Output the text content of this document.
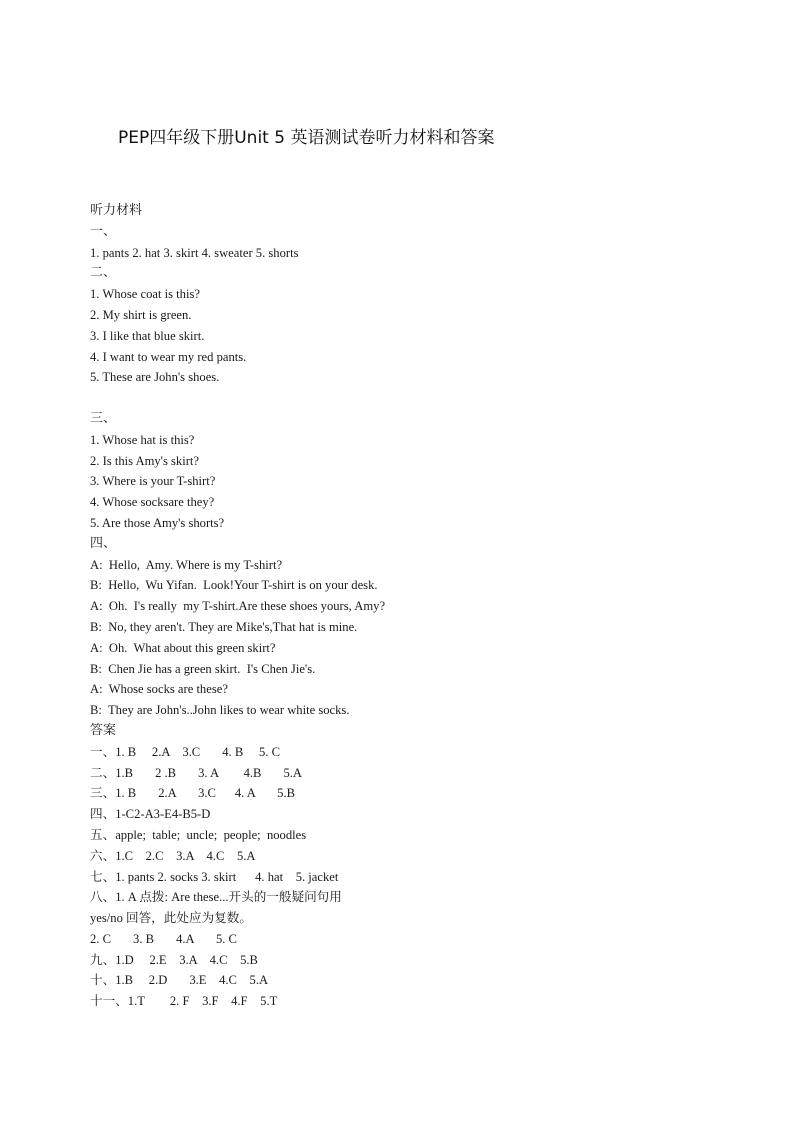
PEP四年级下册Unit 5 英语测试卷听力材料和答案
听力材料
一、
1. pants 2. hat 3. skirt 4. sweater 5. shorts
二、
1. Whose coat is this?
2. My shirt is green.
3. I like that blue skirt.
4. I want to wear my red pants.
5. These are John's shoes.
三、
1. Whose hat is this?
2. Is this Amy's skirt?
3. Where is your T-shirt?
4. Whose socksare they?
5. Are those Amy's shorts?
四、
A:  Hello,  Amy. Where is my T-shirt?
B:  Hello,  Wu Yifan.  Look!Your T-shirt is on your desk.
A:  Oh.  I's really  my T-shirt.Are these shoes yours, Amy?
B:  No, they aren't. They are Mike's,That hat is mine.
A:  Oh.  What about this green skirt?
B:  Chen Jie has a green skirt.  I's Chen Jie's.
A:  Whose socks are these?
B:  They are John's..John likes to wear white socks.
答案
一、1. B     2.A    3.C       4. B     5. C
二、1.B       2 .B       3. A        4.B       5.A
三、1. B       2.A       3.C      4. A       5.B
四、1-C2-A3-E4-B5-D
五、apple;  table;  uncle;  people;  noodles
六、1.C    2.C    3.A    4.C    5.A
七、1. pants 2. socks 3. skirt      4. hat    5. jacket
八、1. A 点拨: Are these...开头的一般疑问句用
yes/no 回答，此处应为复数。
2. C       3. B       4.A       5. C
九、1.D     2.E    3.A    4.C    5.B
十、1.B     2.D       3.E    4.C    5.A
十一、1.T        2. F    3.F    4.F    5.T
